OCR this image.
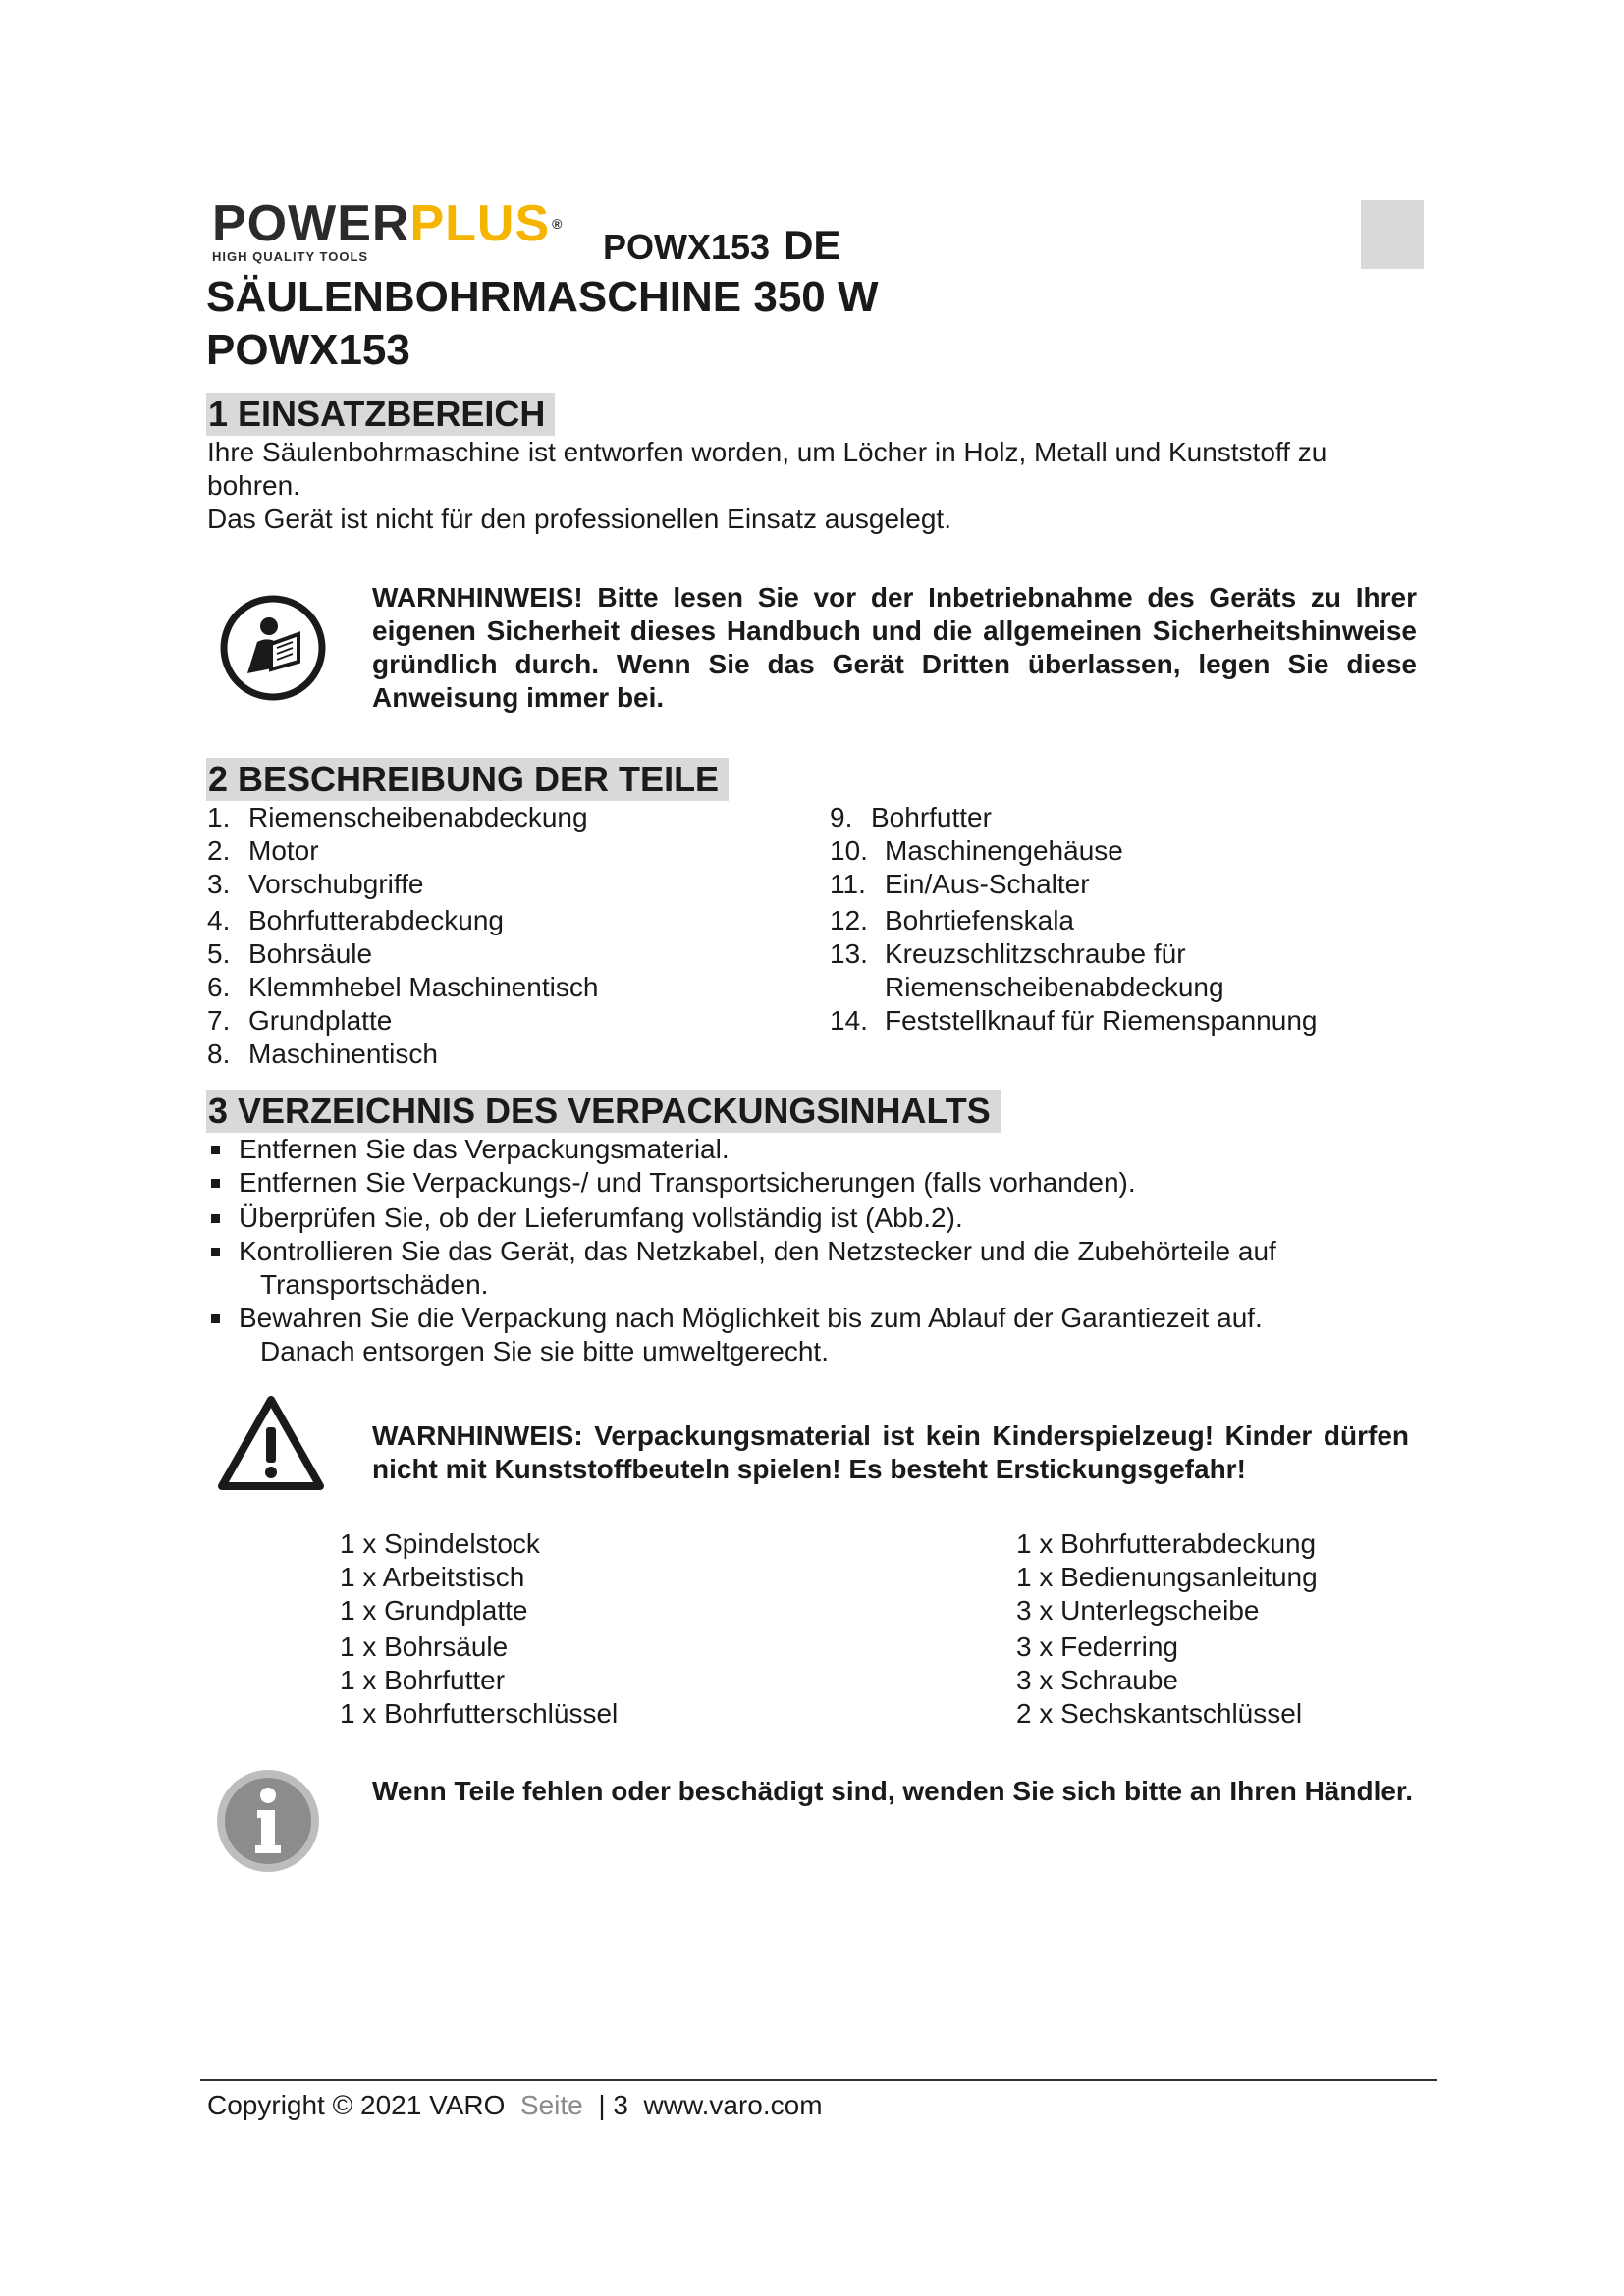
POWERPLUS ®
HIGH QUALITY TOOLS	POWX153 DE
SÄULENBOHRMASCHINE 350 W
POWX153
1 EINSATZBEREICH
Ihre Säulenbohrmaschine ist entworfen worden, um Löcher in Holz, Metall und Kunststoff zu bohren.
Das Gerät ist nicht für den professionellen Einsatz ausgelegt.
WARNHINWEIS! Bitte lesen Sie vor der Inbetriebnahme des Geräts zu Ihrer eigenen Sicherheit dieses Handbuch und die allgemeinen Sicherheitshinweise gründlich durch. Wenn Sie das Gerät Dritten überlassen, legen Sie diese Anweisung immer bei.
2 BESCHREIBUNG DER TEILE
1. Riemenscheibenabdeckung
2. Motor
3. Vorschubgriffe
4. Bohrfutterabdeckung
5. Bohrsäule
6. Klemmhebel Maschinentisch
7. Grundplatte
8. Maschinentisch
9. Bohrfutter
10. Maschinengehäuse
11. Ein/Aus-Schalter
12. Bohrtiefenskala
13. Kreuzschlitzschraube für Riemenscheibenabdeckung
14. Feststellknauf für Riemenspannung
3 VERZEICHNIS DES VERPACKUNGSINHALTS
Entfernen Sie das Verpackungsmaterial.
Entfernen Sie Verpackungs-/ und Transportsicherungen (falls vorhanden).
Überprüfen Sie, ob der Lieferumfang vollständig ist (Abb.2).
Kontrollieren Sie das Gerät, das Netzkabel, den Netzstecker und die Zubehörteile auf
Transportschäden.
Bewahren Sie die Verpackung nach Möglichkeit bis zum Ablauf der Garantiezeit auf.
Danach entsorgen Sie sie bitte umweltgerecht.
WARNHINWEIS: Verpackungsmaterial ist kein Kinderspielzeug! Kinder dürfen nicht mit Kunststoffbeuteln spielen! Es besteht Erstickungsgefahr!
1 x Spindelstock
1 x Arbeitstisch
1 x Grundplatte
1 x Bohrsäule
1 x Bohrfutter
1 x Bohrfutterschlüssel
1 x Bohrfutterabdeckung
1 x Bedienungsanleitung
3 x Unterlegscheibe
3 x Federring
3 x Schraube
2 x Sechskantschlüssel
Wenn Teile fehlen oder beschädigt sind, wenden Sie sich bitte an Ihren Händler.
Copyright © 2021 VARO Seite | 3 www.varo.com
